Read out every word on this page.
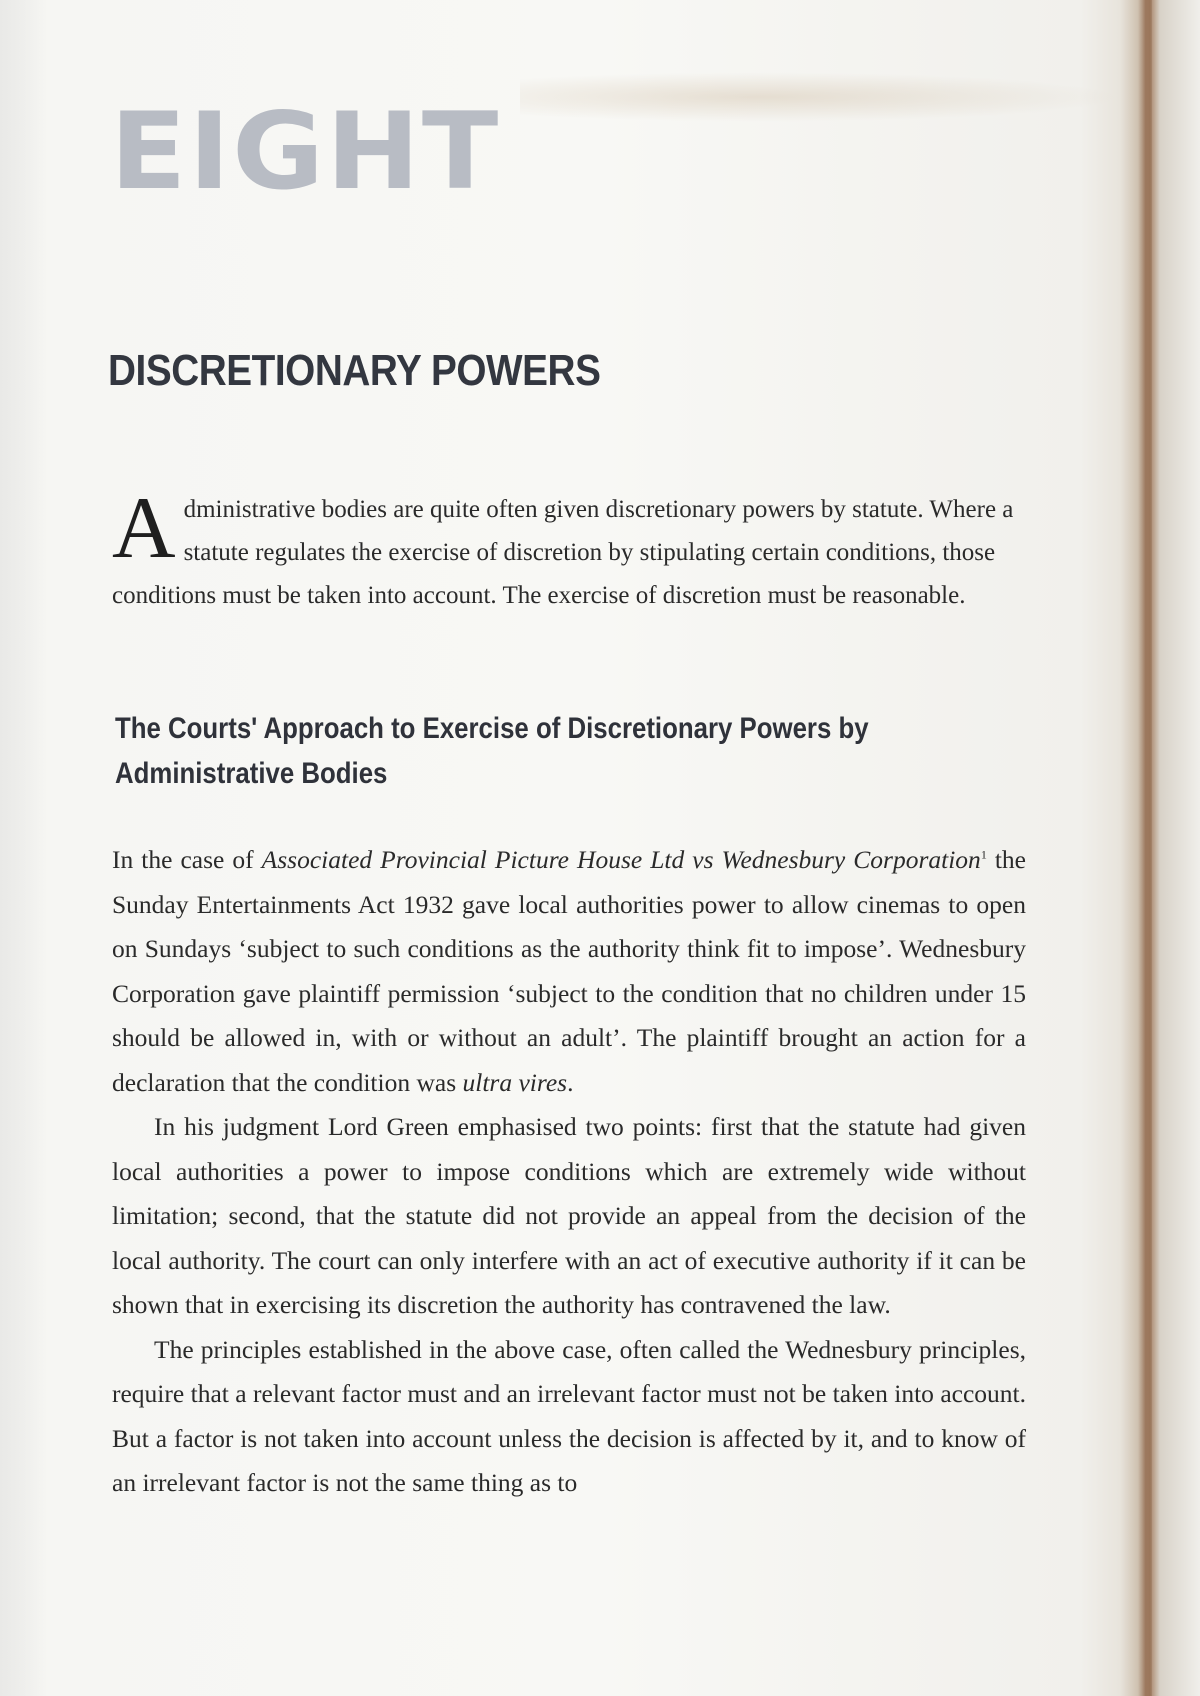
EIGHT
DISCRETIONARY POWERS
Administrative bodies are quite often given discretionary powers by statute. Where a statute regulates the exercise of discretion by stipulating certain conditions, those conditions must be taken into account. The exercise of discretion must be reasonable.
The Courts' Approach to Exercise of Discretionary Powers by Administrative Bodies

In the case of Associated Provincial Picture House Ltd vs Wednesbury Corporation$^1$ the Sunday Entertainments Act 1932 gave local authorities power to allow cinemas to open on Sundays ‘subject to such conditions as the authority think fit to impose’. Wednesbury Corporation gave plaintiff permission ‘subject to the condition that no children under 15 should be allowed in, with or without an adult’. The plaintiff brought an action for a declaration that the condition was ultra vires.

In his judgment Lord Green emphasised two points: first that the statute had given local authorities a power to impose conditions which are extremely wide without limitation; second, that the statute did not provide an appeal from the decision of the local authority. The court can only interfere with an act of executive authority if it can be shown that in exercising its discretion the authority has contravened the law.

The principles established in the above case, often called the Wednesbury principles, require that a relevant factor must and an irrelevant factor must not be taken into account. But a factor is not taken into account unless the decision is affected by it, and to know of an irrelevant factor is not the same thing as to
